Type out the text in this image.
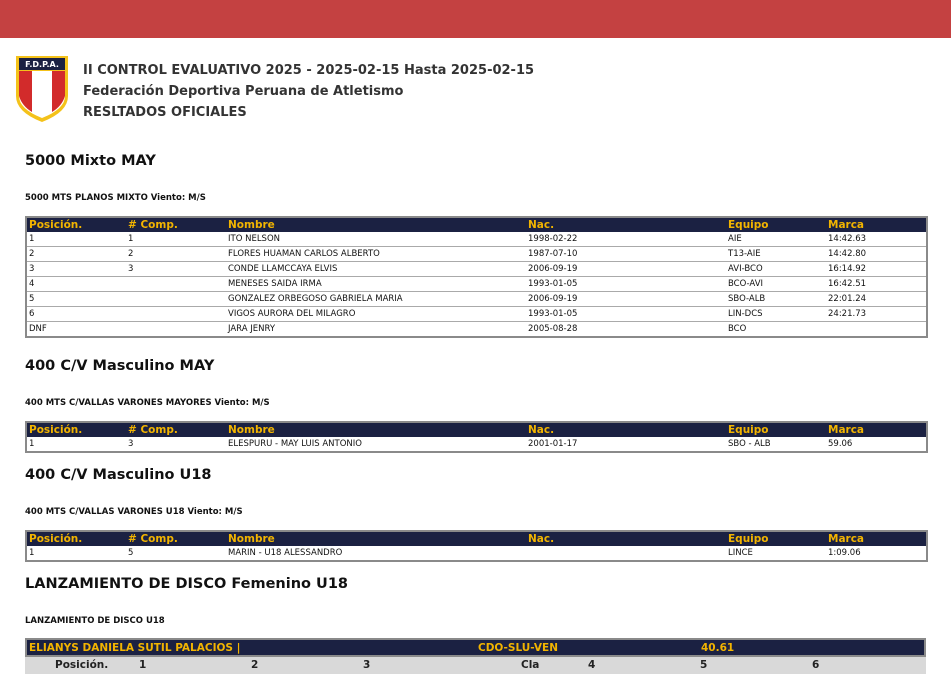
F.D.P.A. II CONTROL EVALUATIVO 2025 - 2025-02-15 Hasta 2025-02-15
Federación Deportiva Peruana de Atletismo
RESLTADOS OFICIALES

5000 Mixto MAY

5000 MTS PLANOS MIXTO Viento: M/S

Posición.	# Comp.	Nombre	Nac.	Equipo	Marca
1	1	ITO NELSON	1998-02-22	AIE	14:42.63
2	2	FLORES HUAMAN CARLOS ALBERTO	1987-07-10	T13-AIE	14:42.80
3	3	CONDE LLAMCCAYA ELVIS	2006-09-19	AVI-BCO	16:14.92
4		MENESES SAIDA IRMA	1993-01-05	BCO-AVI	16:42.51
5		GONZALEZ ORBEGOSO GABRIELA MARIA	2006-09-19	SBO-ALB	22:01.24
6		VIGOS AURORA DEL MILAGRO	1993-01-05	LIN-DCS	24:21.73
DNF		JARA JENRY	2005-08-28	BCO	

400 C/V Masculino MAY

400 MTS C/VALLAS VARONES MAYORES Viento: M/S

Posición.	# Comp.	Nombre	Nac.	Equipo	Marca
1	3	ELESPURU - MAY LUIS ANTONIO	2001-01-17	SBO - ALB	59.06

400 C/V Masculino U18

400 MTS C/VALLAS VARONES U18 Viento: M/S

Posición.	# Comp.	Nombre	Nac.	Equipo	Marca
1	5	MARIN - U18 ALESSANDRO		LINCE	1:09.06

LANZAMIENTO DE DISCO Femenino U18

LANZAMIENTO DE DISCO U18

ELIANYS DANIELA SUTIL PALACIOS |	CDO-SLU-VEN	40.61
Posición.	1	2	3	Cla	4	5	6
